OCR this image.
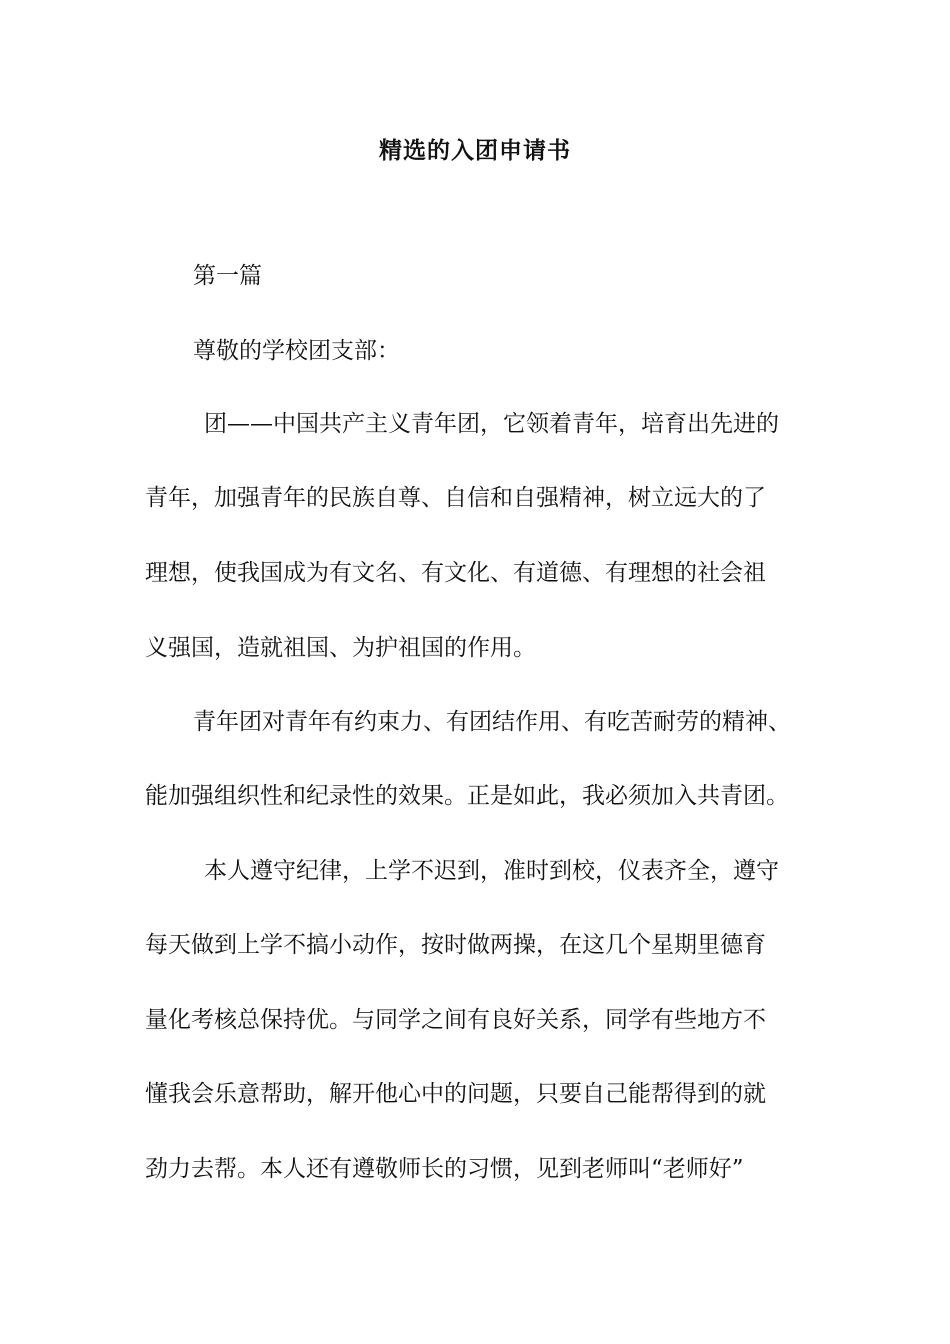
精选的入团申请书
第一篇
尊敬的学校团支部：
团——中国共产主义青年团，它领着青年，培育出先进的
青年，加强青年的民族自尊、自信和自强精神，树立远大的了
理想，使我国成为有文名、有文化、有道德、有理想的社会祖
义强国，造就祖国、为护祖国的作用。
青年团对青年有约束力、有团结作用、有吃苦耐劳的精神、
能加强组织性和纪录性的效果。正是如此，我必须加入共青团。
本人遵守纪律，上学不迟到，准时到校，仪表齐全，遵守
每天做到上学不搞小动作，按时做两操，在这几个星期里德育
量化考核总保持优。与同学之间有良好关系，同学有些地方不
懂我会乐意帮助，解开他心中的问题，只要自己能帮得到的就
劲力去帮。本人还有遵敬师长的习惯，见到老师叫“老师好”
